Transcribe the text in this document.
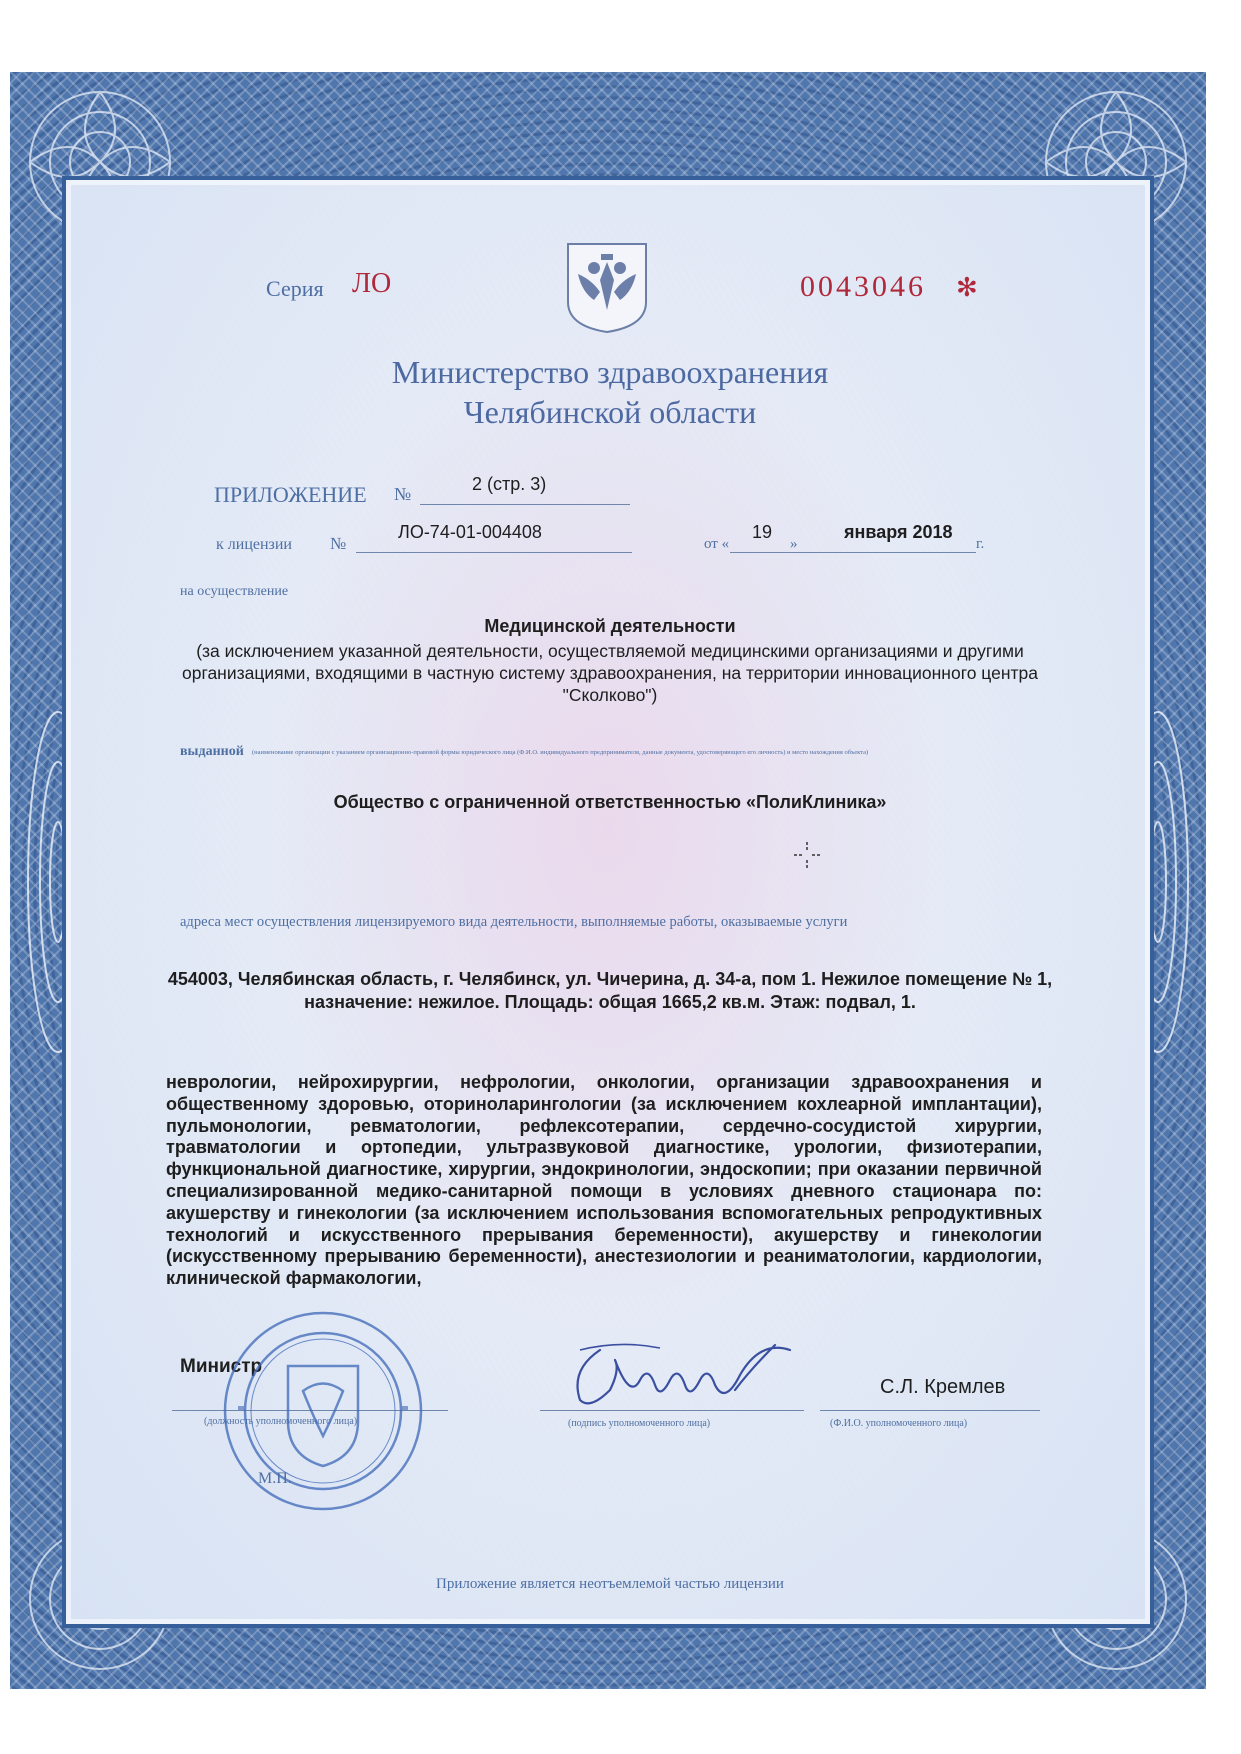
Серия ЛО	0043046 ✻
Министерство здравоохранения
Челябинской области
ПРИЛОЖЕНИЕ №	2 (стр. 3)
к лицензии №
ЛО-74-01-004408
от «
19
»
января 2018
г.
на осуществление
Медицинской деятельности
(за исключением указанной деятельности, осуществляемой медицинскими организациями и другими организациями, входящими в частную систему здравоохранения, на территории инновационного центра "Сколково")
выданной (наименование организации с указанием организационно-правовой формы юридического лица (Ф.И.О. индивидуального предпринимателя, данные документа, удостоверяющего его личность) и место нахождения объекта)
Общество с ограниченной ответственностью «ПолиКлиника»
адреса мест осуществления лицензируемого вида деятельности, выполняемые работы, оказываемые услуги
454003, Челябинская область, г. Челябинск, ул. Чичерина, д. 34-а, пом 1. Нежилое помещение № 1, назначение: нежилое. Площадь: общая 1665,2 кв.м. Этаж: подвал, 1.
неврологии, нейрохирургии, нефрологии, онкологии, организации здравоохранения и общественному здоровью, оториноларингологии (за исключением кохлеарной имплантации), пульмонологии, ревматологии, рефлексотерапии, сердечно-сосудистой хирургии, травматологии и ортопедии, ультразвуковой диагностике, урологии, физиотерапии, функциональной диагностике, хирургии, эндокринологии, эндоскопии; при оказании первичной специализированной медико-санитарной помощи в условиях дневного стационара по: акушерству и гинекологии (за исключением использования вспомогательных репродуктивных технологий и искусственного прерывания беременности), акушерству и гинекологии (искусственному прерыванию беременности), анестезиологии и реаниматологии, кардиологии, клинической фармакологии,
Министр
С.Л. Кремлев
(должность уполномоченного лица)	(подпись уполномоченного лица)	(Ф.И.О. уполномоченного лица)
М.П.
Приложение является неотъемлемой частью лицензии
